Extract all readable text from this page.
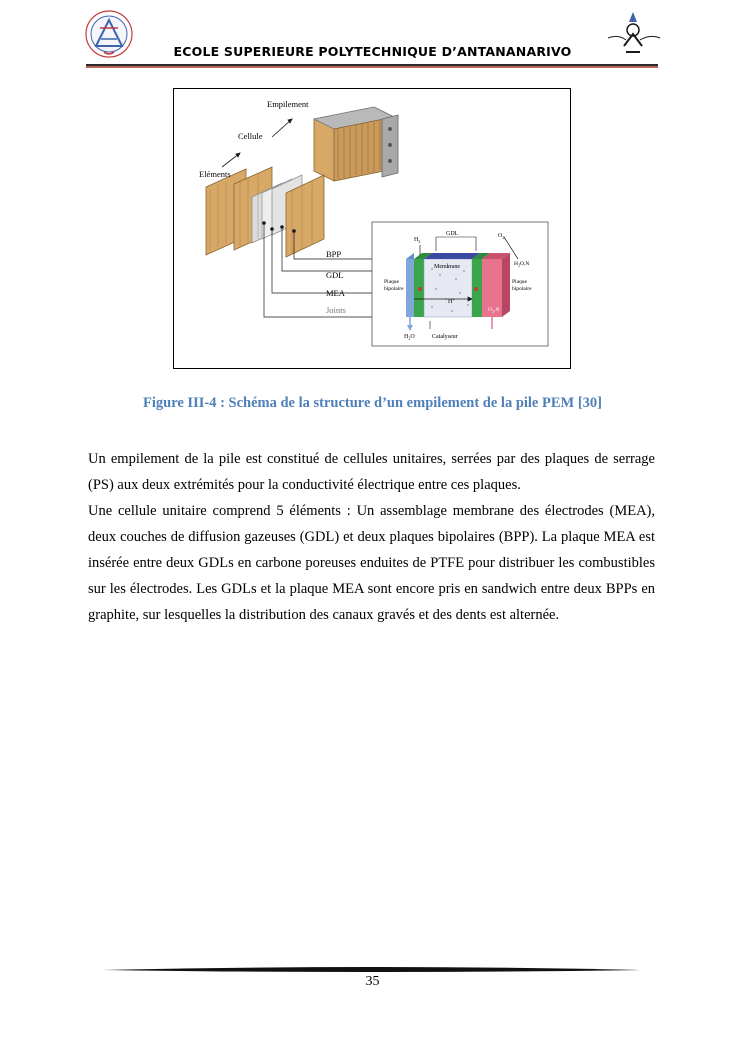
ECOLE SUPERIEURE POLYTECHNIQUE D’ANTANANARIVO
Empilement
Cellule
Eléments
BPP
GDL
MEA
Joints
$H_2$
GDL	$O_2$
Membrane
Plaque
bipolaire
Plaque
bipolaire
$H_2O,N$
$O_2,N$
H+
$H_2O$	Catalyseur
Figure III-4 : Schéma de la structure d’un empilement de la pile PEM [30]
Un empilement de la pile est constitué de cellules unitaires, serrées par des plaques de serrage (PS) aux deux extrémités pour la conductivité électrique entre ces plaques.
Une cellule unitaire comprend 5 éléments : Un assemblage membrane des électrodes (MEA), deux couches de diffusion gazeuses (GDL) et deux plaques bipolaires (BPP). La plaque MEA est insérée entre deux GDLs en carbone poreuses enduites de PTFE pour distribuer les combustibles sur les électrodes. Les GDLs et la plaque MEA sont encore pris en sandwich entre deux BPPs en graphite, sur lesquelles la distribution des canaux gravés et des dents est alternée.
35
